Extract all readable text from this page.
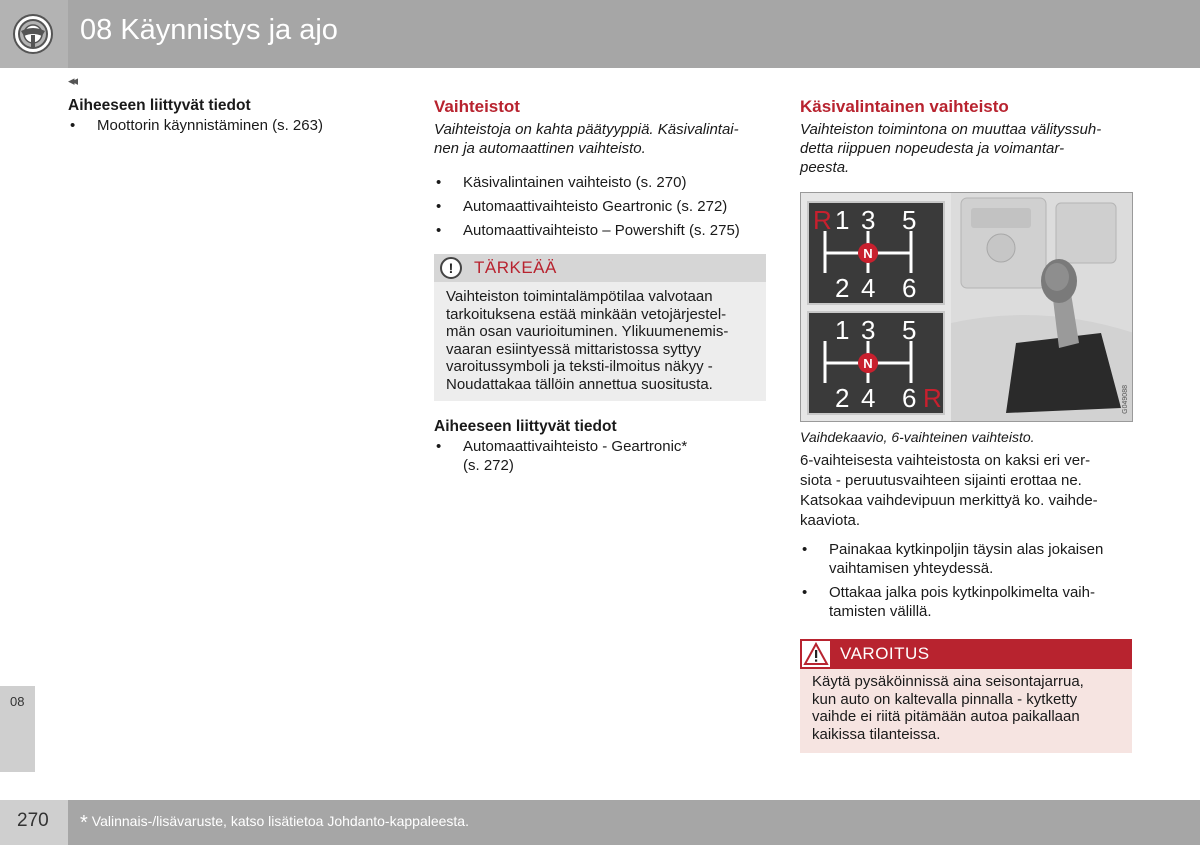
08 Käynnistys ja ajo
◂◂
08
Aiheeseen liittyvät tiedot
• Moottorin käynnistäminen (s. 263)
Vaihteistot

Vaihteistoja on kahta päätyyppiä. Käsivalintai-
nen ja automaattinen vaihteisto.

• Käsivalintainen vaihteisto (s. 270)
• Automaattivaihteisto Geartronic (s. 272)
• Automaattivaihteisto – Powershift (s. 275)
!	TÄRKEÄÄ
Vaihteiston toimintalämpötilaa valvotaan
tarkoituksena estää minkään vetojärjestel-
män osan vaurioituminen. Ylikuumenemis-
vaaran esiintyessä mittaristossa syttyy
varoitussymboli ja teksti-ilmoitus näkyy -
Noudattakaa tällöin annettua suositusta.
Aiheeseen liittyvät tiedot
• Automaattivaihteisto - Geartronic*
(s. 272)
Käsivalintainen vaihteisto

Vaihteiston toimintona on muuttaa välityssuh-
detta riippuen nopeudesta ja voimantar-
peesta.

N
R 1 3 5
2 4 6
N
1 3 5
2 4 6 R	G049088
Vaihdekaavio, 6-vaihteinen vaihteisto.

6-vaihteisesta vaihteistosta on kaksi eri ver-
siota - peruutusvaihteen sijainti erottaa ne.
Katsokaa vaihdevipuun merkittyä ko. vaihde-
kaaviota.

• Painakaa kytkinpoljin täysin alas jokaisen
vaihtamisen yhteydessä.
• Ottakaa jalka pois kytkinpolkimelta vaih-
tamisten välillä.
VAROITUS
Käytä pysäköinnissä aina seisontajarrua,
kun auto on kaltevalla pinnalla - kytketty
vaihde ei riitä pitämään autoa paikallaan
kaikissa tilanteissa.
270 * Valinnais-/lisävaruste, katso lisätietoa Johdanto-kappaleesta.
